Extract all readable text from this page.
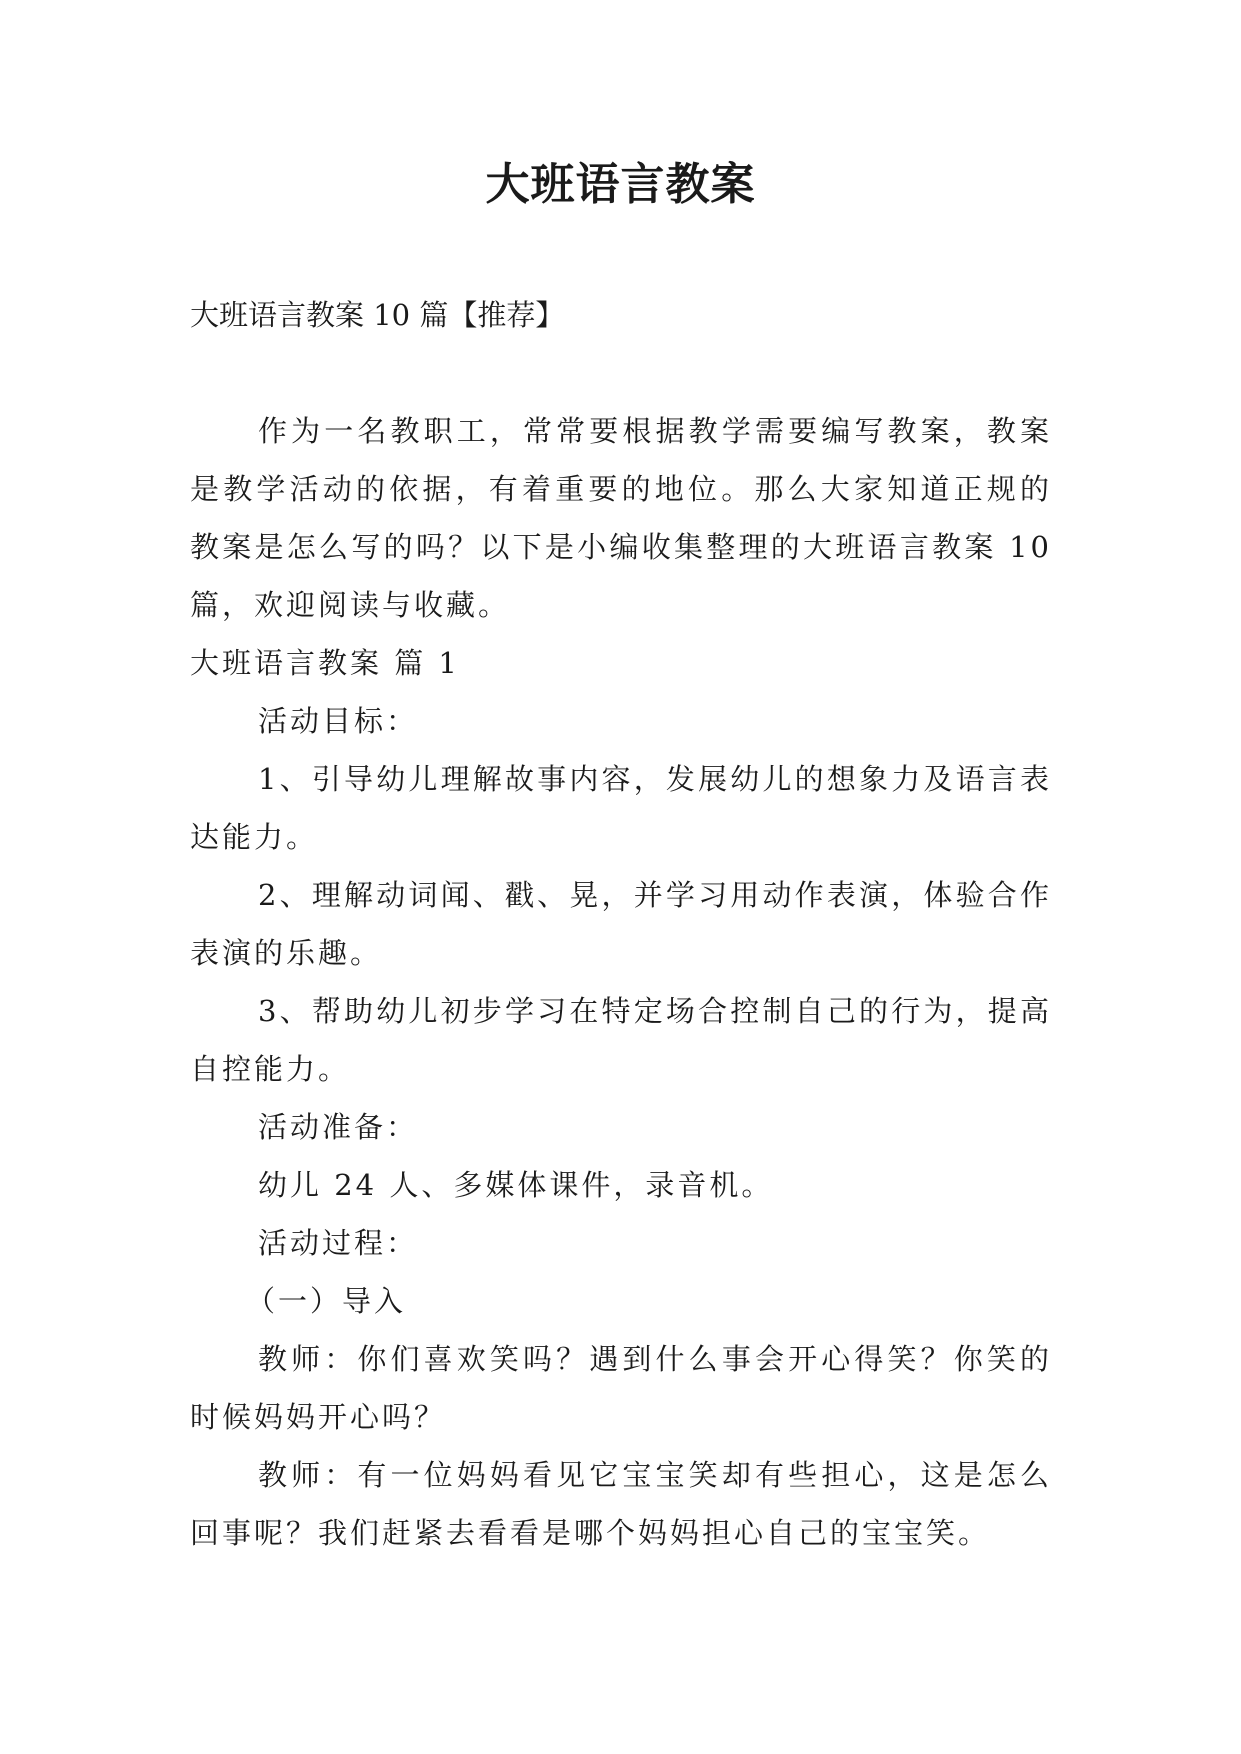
大班语言教案
大班语言教案 10 篇【推荐】

作为一名教职工，常常要根据教学需要编写教案，教案是教学活动的依据，有着重要的地位。那么大家知道正规的教案是怎么写的吗？以下是小编收集整理的大班语言教案 10 篇，欢迎阅读与收藏。

大班语言教案 篇 1

活动目标：

1、引导幼儿理解故事内容，发展幼儿的想象力及语言表达能力。

2、理解动词闻、戳、晃，并学习用动作表演，体验合作表演的乐趣。

3、帮助幼儿初步学习在特定场合控制自己的行为，提高自控能力。

活动准备：

幼儿 24 人、多媒体课件，录音机。

活动过程：

（一）导入

教师：你们喜欢笑吗？遇到什么事会开心得笑？你笑的时候妈妈开心吗？

教师：有一位妈妈看见它宝宝笑却有些担心，这是怎么回事呢？我们赶紧去看看是哪个妈妈担心自己的宝宝笑。
